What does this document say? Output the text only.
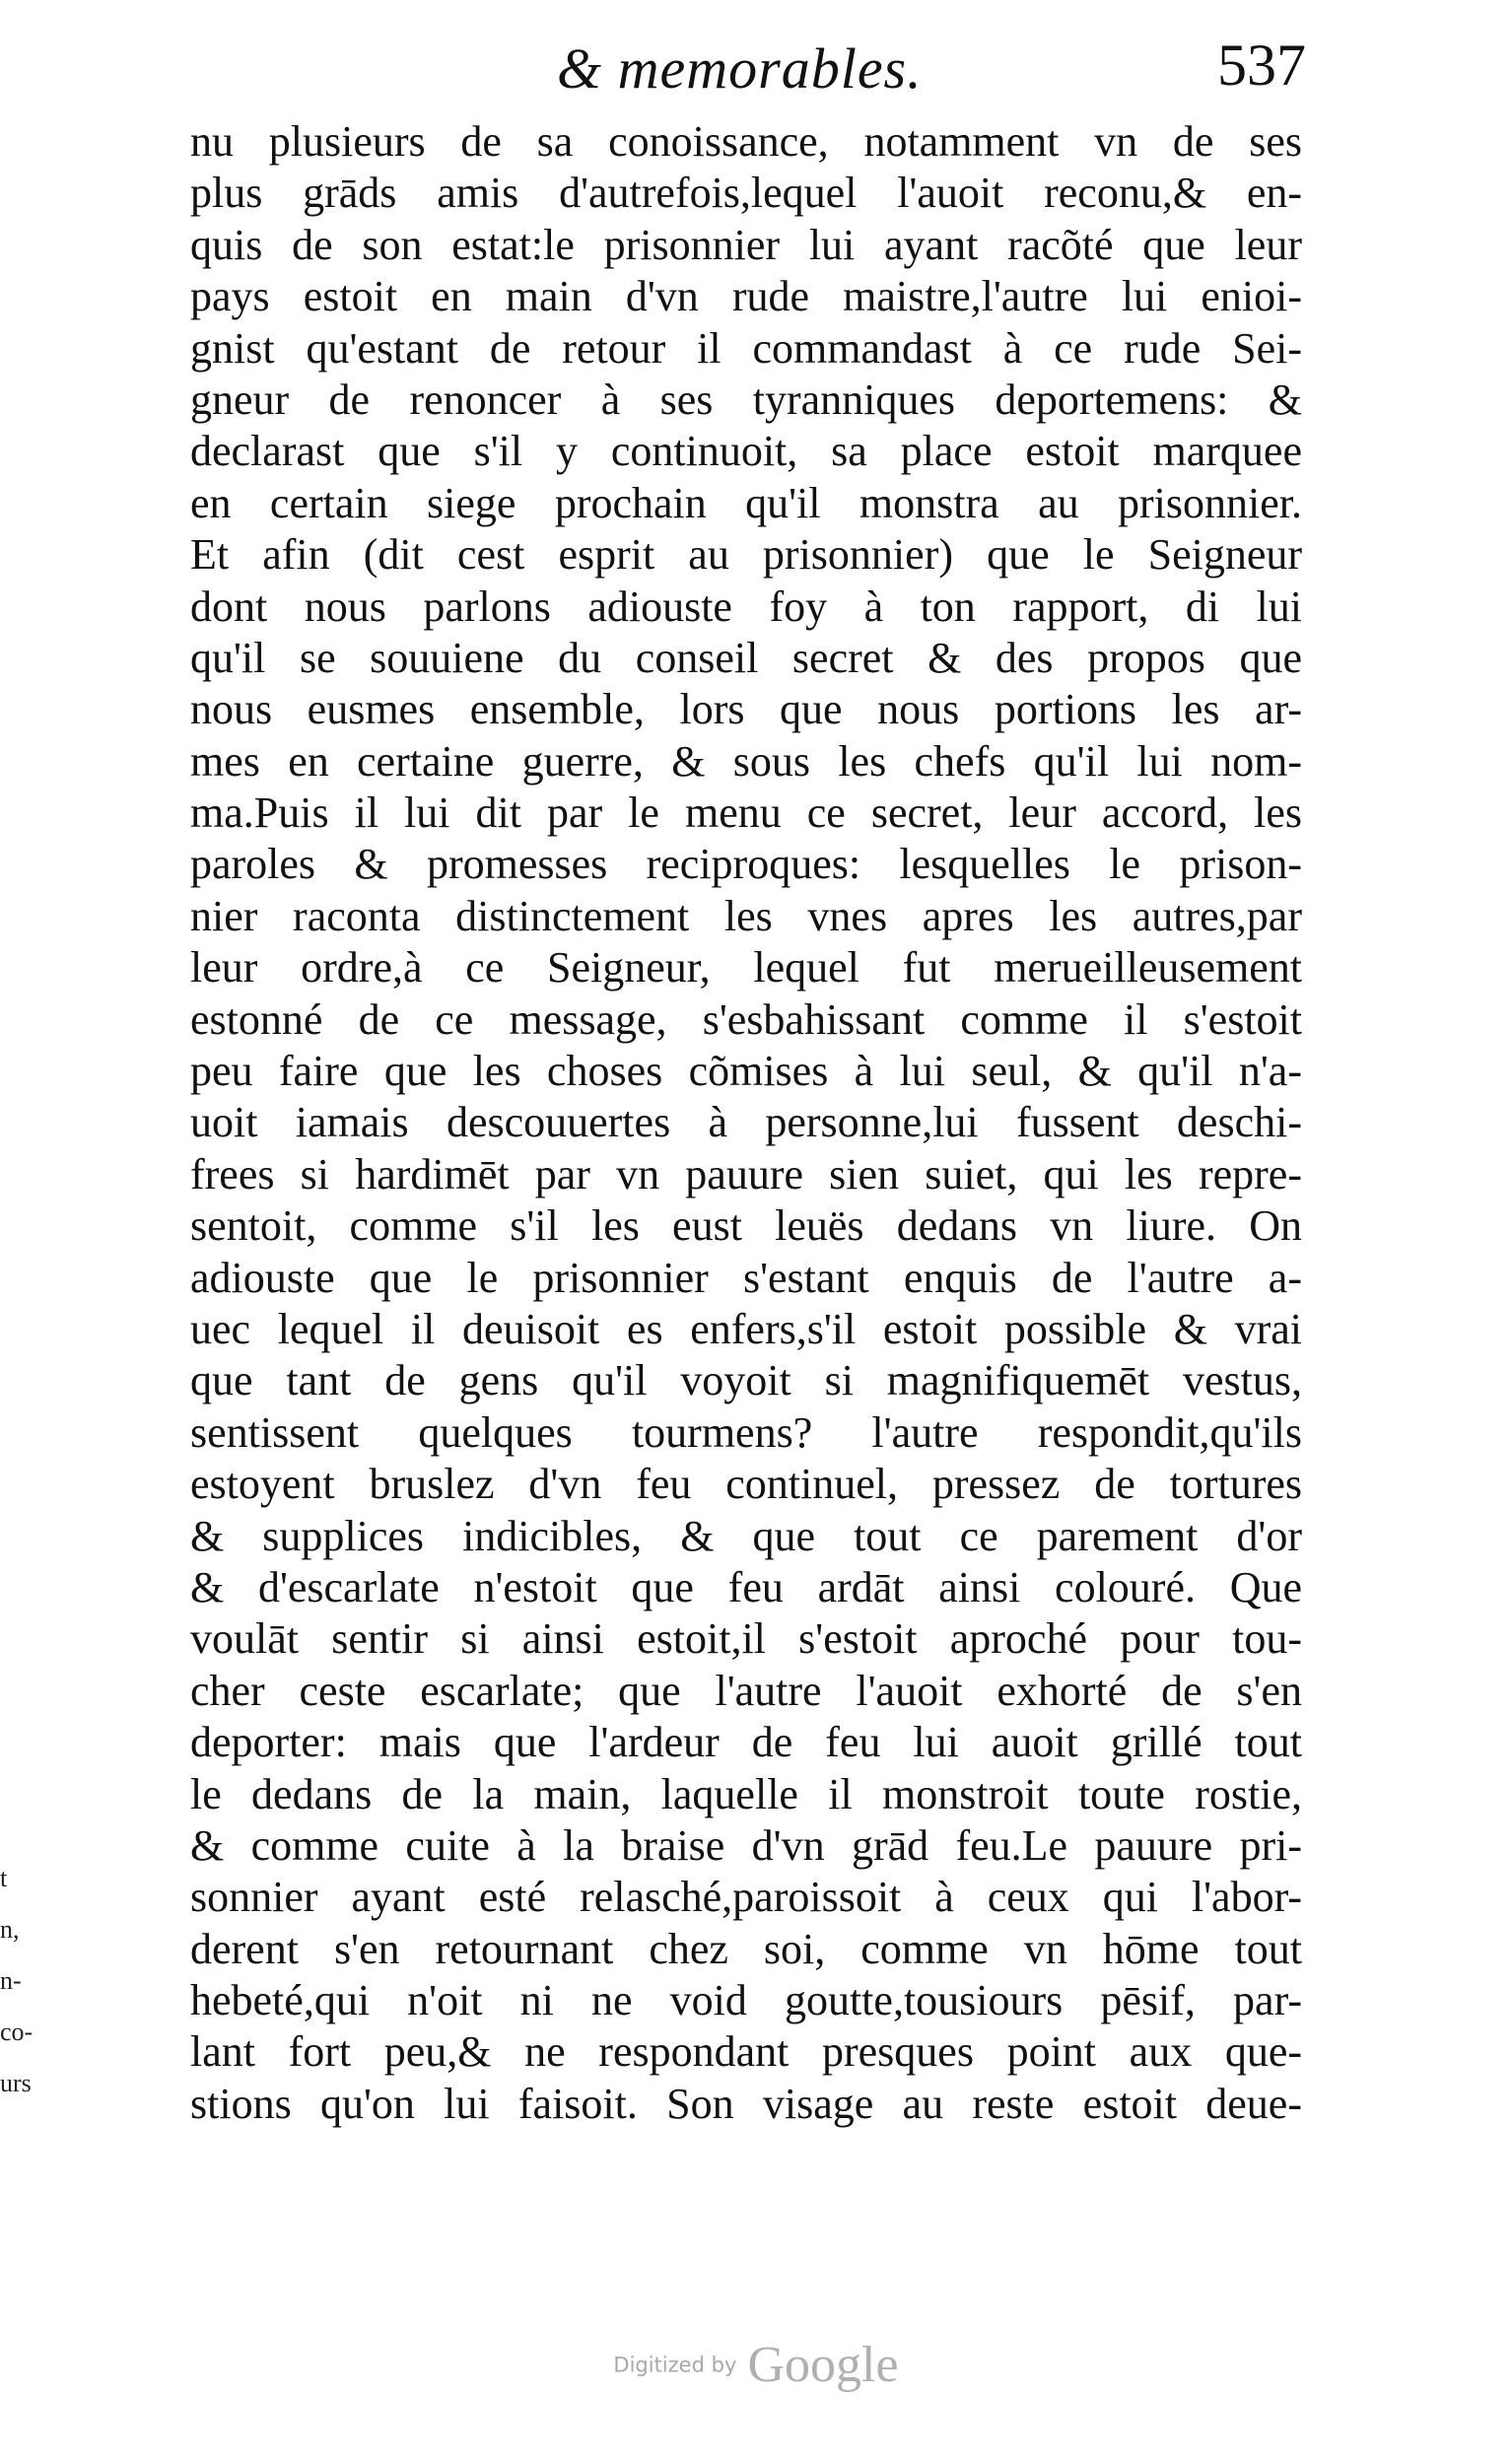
& memorables.	537
t
n,
n-
co-
urs
nu plusieurs de sa conoissance, notamment vn de ses
plus grāds amis d'autrefois,lequel l'auoit reconu,& en-
quis de son estat:le prisonnier lui ayant racõté que leur
pays estoit en main d'vn rude maistre,l'autre lui enioi-
gnist qu'estant de retour il commandast à ce rude Sei-
gneur de renoncer à ses tyranniques deportemens: &
declarast que s'il y continuoit, sa place estoit marquee
en certain siege prochain qu'il monstra au prisonnier.
Et afin (dit cest esprit au prisonnier) que le Seigneur
dont nous parlons adiouste foy à ton rapport, di lui
qu'il se souuiene du conseil secret & des propos que
nous eusmes ensemble, lors que nous portions les ar-
mes en certaine guerre, & sous les chefs qu'il lui nom-
ma.Puis il lui dit par le menu ce secret, leur accord, les
paroles & promesses reciproques: lesquelles le prison-
nier raconta distinctement les vnes apres les autres,par
leur ordre,à ce Seigneur, lequel fut merueilleusement
estonné de ce message, s'esbahissant comme il s'estoit
peu faire que les choses cõmises à lui seul, & qu'il n'a-
uoit iamais descouuertes à personne,lui fussent deschi-
frees si hardimēt par vn pauure sien suiet, qui les repre-
sentoit, comme s'il les eust leuës dedans vn liure. On
adiouste que le prisonnier s'estant enquis de l'autre a-
uec lequel il deuisoit es enfers,s'il estoit possible & vrai
que tant de gens qu'il voyoit si magnifiquemēt vestus,
sentissent quelques tourmens? l'autre respondit,qu'ils
estoyent bruslez d'vn feu continuel, pressez de tortures
& supplices indicibles, & que tout ce parement d'or
& d'escarlate n'estoit que feu ardāt ainsi colouré. Que
voulāt sentir si ainsi estoit,il s'estoit aproché pour tou-
cher ceste escarlate; que l'autre l'auoit exhorté de s'en
deporter: mais que l'ardeur de feu lui auoit grillé tout
le dedans de la main, laquelle il monstroit toute rostie,
& comme cuite à la braise d'vn grād feu.Le pauure pri-
sonnier ayant esté relasché,paroissoit à ceux qui l'abor-
derent s'en retournant chez soi, comme vn hōme tout
hebeté,qui n'oit ni ne void goutte,tousiours pēsif, par-
lant fort peu,& ne respondant presques point aux que-
stions qu'on lui faisoit. Son visage au reste estoit deue-
Digitized by Google
